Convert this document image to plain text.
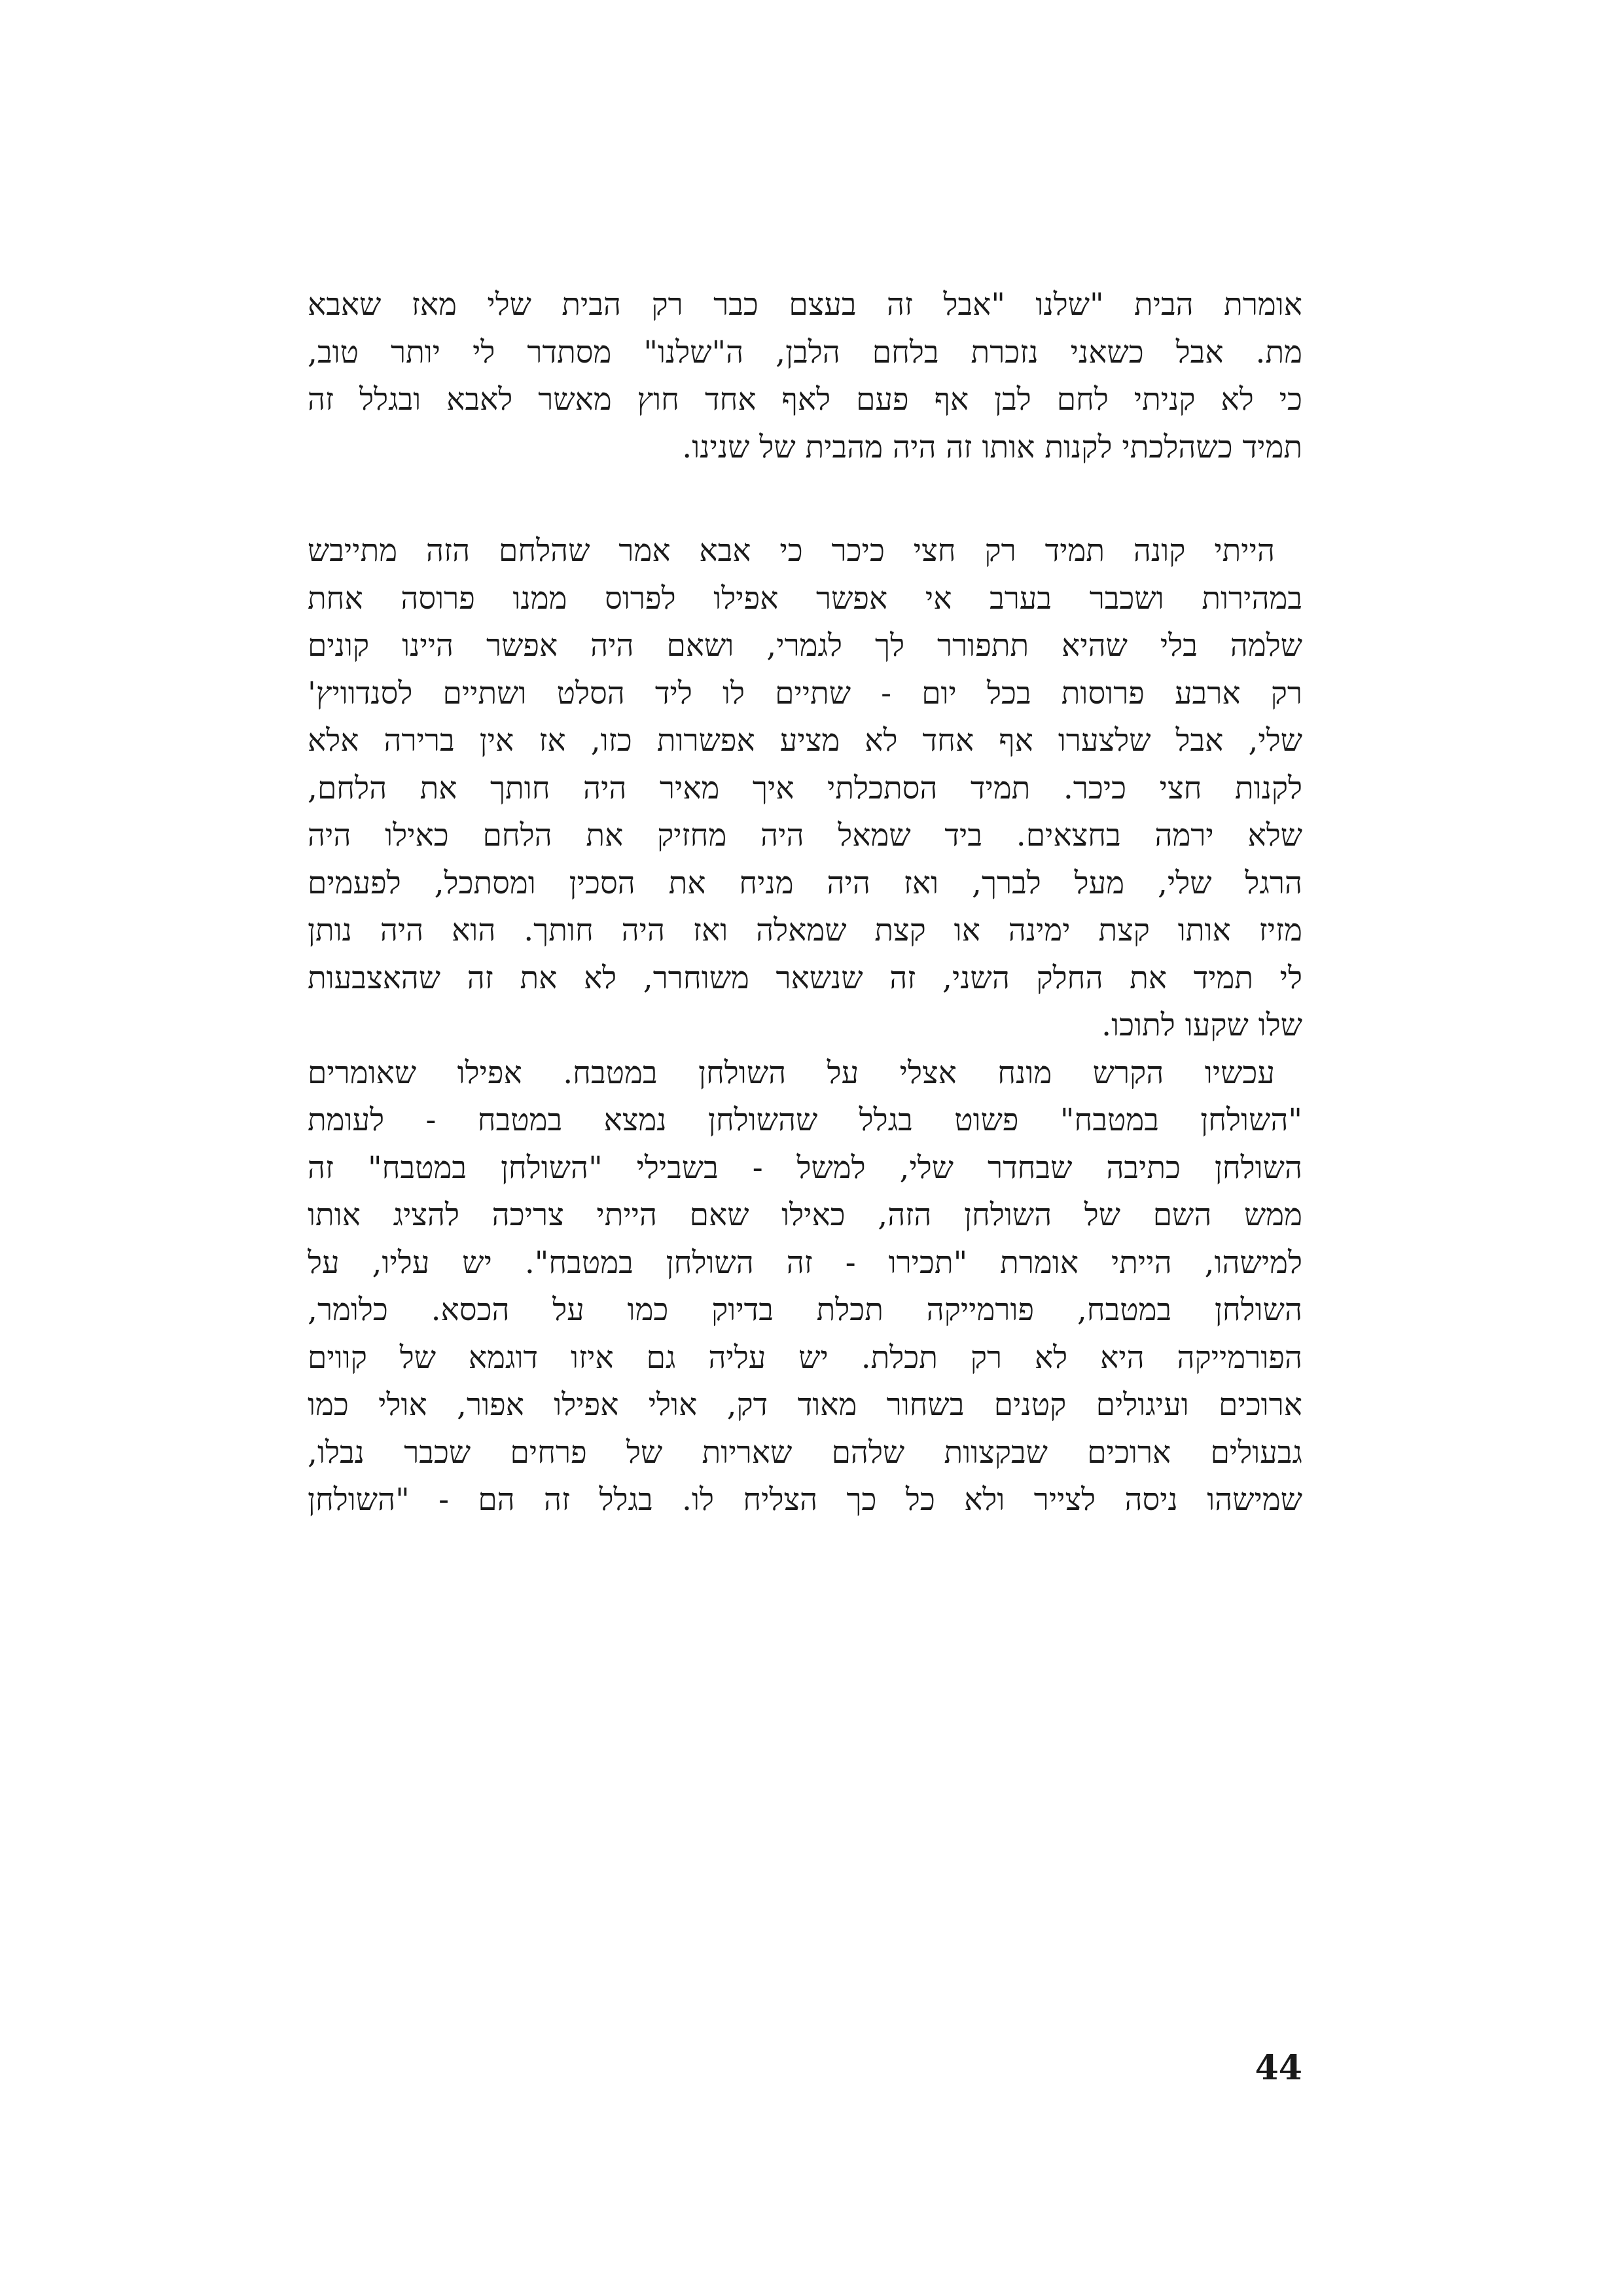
אומרת הבית "שלנו "אבל זה בעצם כבר רק הבית שלי מאז שאבא
מת. אבל כשאני נזכרת בלחם הלבן, ה"שלנו" מסתדר לי יותר טוב,
כי לא קניתי לחם לבן אף פעם לאף אחד חוץ מאשר לאבא ובגלל זה
תמיד כשהלכתי לקנות אותו זה היה מהבית של שנינו.
הייתי קונה תמיד רק חצי כיכר כי אבא אמר שהלחם הזה מתייבש
במהירות ושכבר בערב אי אפשר אפילו לפרוס ממנו פרוסה אחת
שלמה בלי שהיא תתפורר לך לגמרי, ושאם היה אפשר היינו קונים
רק ארבע פרוסות בכל יום - שתיים לו ליד הסלט ושתיים לסנדוויץ'
שלי, אבל שלצערו אף אחד לא מציע אפשרות כזו, אז אין ברירה אלא
לקנות חצי כיכר. תמיד הסתכלתי איך מאיר היה חותך את הלחם,
שלא ירמה בחצאים. ביד שמאל היה מחזיק את הלחם כאילו היה
הרגל שלי, מעל לברך, ואז היה מניח את הסכין ומסתכל, לפעמים
מזיז אותו קצת ימינה או קצת שמאלה ואז היה חותך. הוא היה נותן
לי תמיד את החלק השני, זה שנשאר משוחרר, לא את זה שהאצבעות
שלו שקעו לתוכו.
עכשיו הקרש מונח אצלי על השולחן במטבח. אפילו שאומרים
"השולחן במטבח" פשוט בגלל שהשולחן נמצא במטבח - לעומת
השולחן כתיבה שבחדר שלי, למשל - בשבילי "השולחן במטבח" זה
ממש השם של השולחן הזה, כאילו שאם הייתי צריכה להציג אותו
למישהו, הייתי אומרת "תכירו - זה השולחן במטבח". יש עליו, על
השולחן במטבח, פורמייקה תכלת בדיוק כמו על הכסא. כלומר,
הפורמייקה היא לא רק תכלת. יש עליה גם איזו דוגמא של קווים
ארוכים ועיגולים קטנים בשחור מאוד דק, אולי אפילו אפור, אולי כמו
גבעולים ארוכים שבקצוות שלהם שאריות של פרחים שכבר נבלו,
שמישהו ניסה לצייר ולא כל כך הצליח לו. בגלל זה הם - "השולחן
44
